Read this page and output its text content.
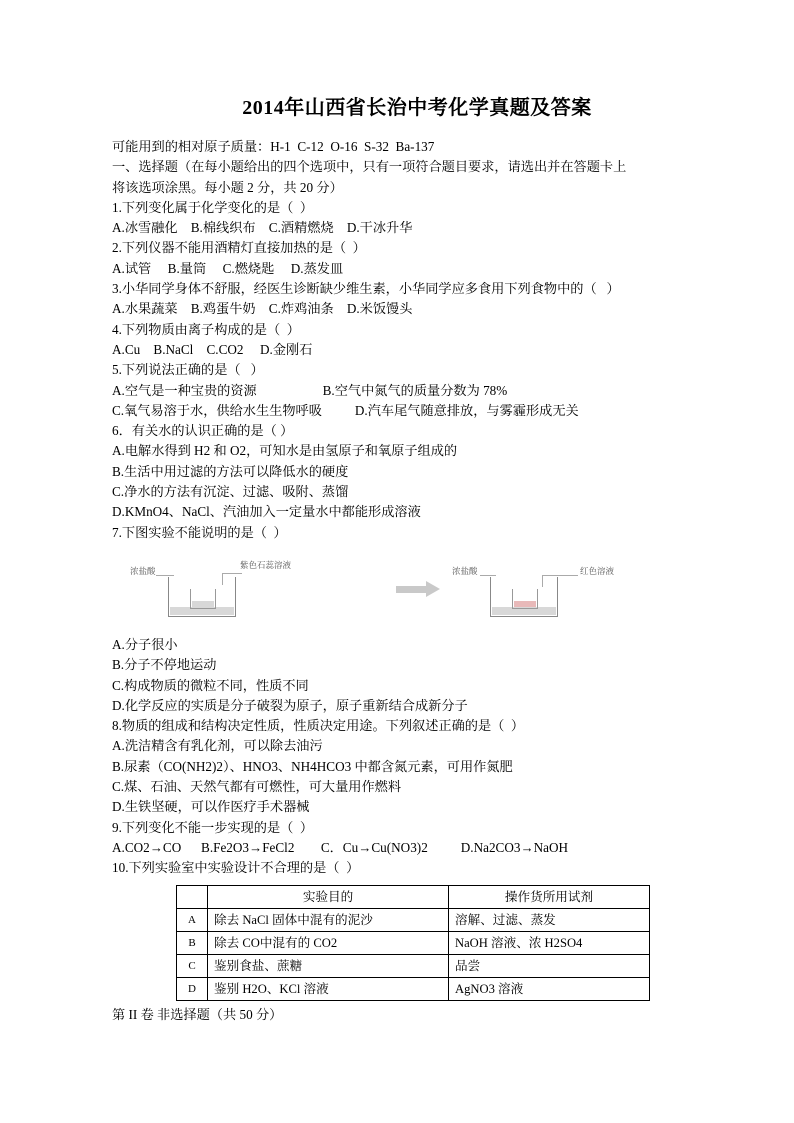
2014年山西省长治中考化学真题及答案

可能用到的相对原子质量：H-1  C-12  O-16  S-32  Ba-137

一、选择题（在每小题给出的四个选项中，只有一项符合题目要求，请选出并在答题卡上

将该选项涂黑。每小题 2 分，共 20 分）

1.下列变化属于化学变化的是（  ）

A.冰雪融化    B.棉线织布    C.酒精燃烧    D.干冰升华

2.下列仪器不能用酒精灯直接加热的是（  ）

A.试管     B.量筒     C.燃烧匙     D.蒸发皿

3.小华同学身体不舒服，经医生诊断缺少维生素，小华同学应多食用下列食物中的（   ）

A.水果蔬菜    B.鸡蛋牛奶    C.炸鸡油条    D.米饭馒头

4.下列物质由离子构成的是（  ）

A.Cu    B.NaCl    C.CO2     D.金刚石

5.下列说法正确的是（   ）

A.空气是一种宝贵的资源                    B.空气中氮气的质量分数为 78%

C.氧气易溶于水，供给水生生物呼吸          D.汽车尾气随意排放，与雾霾形成无关

6．有关水的认识正确的是（ ）

A.电解水得到 H2 和 O2，可知水是由氢原子和氧原子组成的

B.生活中用过滤的方法可以降低水的硬度

C.净水的方法有沉淀、过滤、吸附、蒸馏

D.KMnO4、NaCl、汽油加入一定量水中都能形成溶液

7.下图实验不能说明的是（  ）

浓盐酸
紫色石蕊溶液
浓盐酸	红色溶液

A.分子很小

B.分子不停地运动

C.构成物质的微粒不同，性质不同

D.化学反应的实质是分子破裂为原子，原子重新结合成新分子

8.物质的组成和结构决定性质，性质决定用途。下列叙述正确的是（  ）

A.洗洁精含有乳化剂，可以除去油污

B.尿素（CO(NH2)2）、HNO3、NH4HCO3 中都含氮元素，可用作氮肥

C.煤、石油、天然气都有可燃性，可大量用作燃料

D.生铁坚硬，可以作医疗手术器械

9.下列变化不能一步实现的是（  ）

A.CO2→CO      B.Fe2O3→FeCl2        C．Cu→Cu(NO3)2          D.Na2CO3→NaOH

10.下列实验室中实验设计不合理的是（  ）

	实验目的	操作货所用试剂
A	除去 NaCl 固体中混有的泥沙	溶解、过滤、蒸发
B	除去 CO中混有的 CO2	NaOH 溶液、浓 H2SO4
C	鉴别食盐、蔗糖	品尝
D	鉴别 H2O、KCl 溶液	AgNO3 溶液

第 II 卷 非选择题（共 50 分）
